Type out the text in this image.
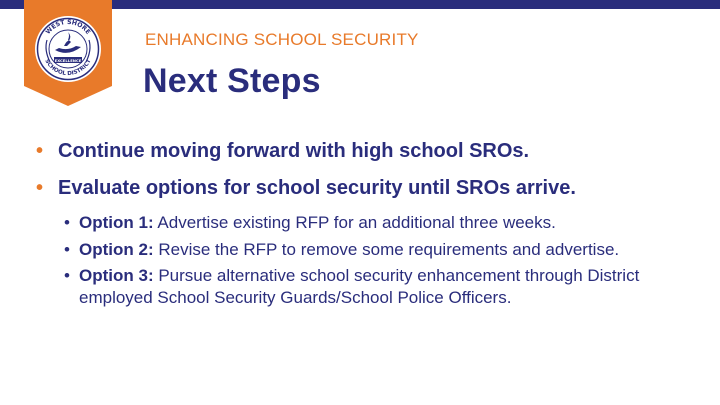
WEST SHORE
SCHOOL DISTRICT
EXCELLENCE
ENHANCING SCHOOL SECURITY
Next Steps
• Continue moving forward with high school SROs.
• Evaluate options for school security until SROs arrive.
• Option 1: Advertise existing RFP for an additional three weeks.
• Option 2: Revise the RFP to remove some requirements and advertise.
• Option 3: Pursue alternative school security enhancement through District employed School Security Guards/School Police Officers.
